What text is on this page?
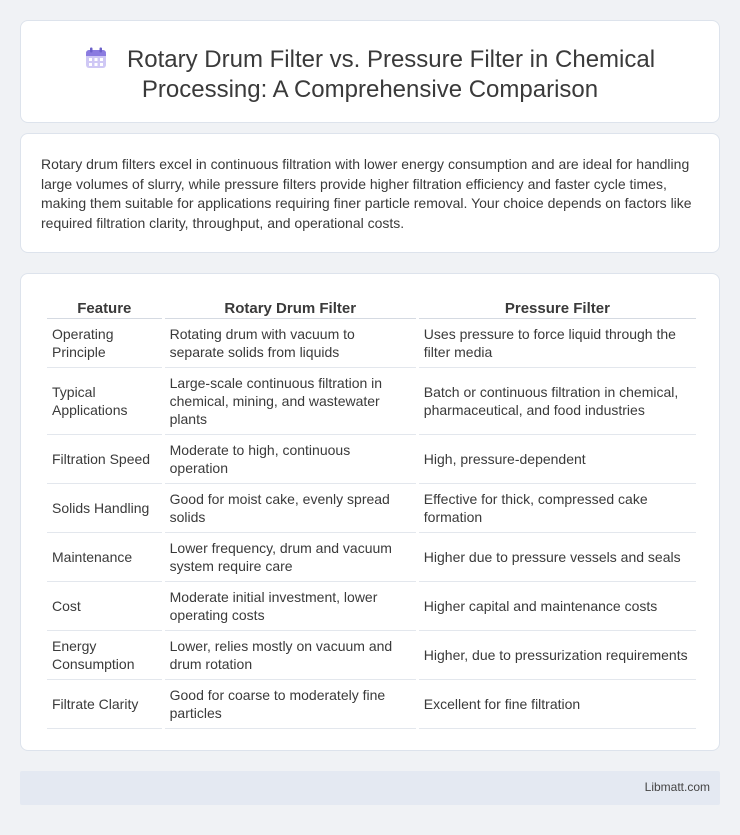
Rotary Drum Filter vs. Pressure Filter in Chemical Processing: A Comprehensive Comparison

Rotary drum filters excel in continuous filtration with lower energy consumption and are ideal for handling large volumes of slurry, while pressure filters provide higher filtration efficiency and faster cycle times, making them suitable for applications requiring finer particle removal. Your choice depends on factors like required filtration clarity, throughput, and operational costs.

Feature	Rotary Drum Filter	Pressure Filter
Operating Principle	Rotating drum with vacuum to separate solids from liquids	Uses pressure to force liquid through the filter media
Typical Applications	Large-scale continuous filtration in chemical, mining, and wastewater plants	Batch or continuous filtration in chemical, pharmaceutical, and food industries
Filtration Speed	Moderate to high, continuous operation	High, pressure-dependent
Solids Handling	Good for moist cake, evenly spread solids	Effective for thick, compressed cake formation
Maintenance	Lower frequency, drum and vacuum system require care	Higher due to pressure vessels and seals
Cost	Moderate initial investment, lower operating costs	Higher capital and maintenance costs
Energy Consumption	Lower, relies mostly on vacuum and drum rotation	Higher, due to pressurization requirements
Filtrate Clarity	Good for coarse to moderately fine particles	Excellent for fine filtration
Libmatt.com
